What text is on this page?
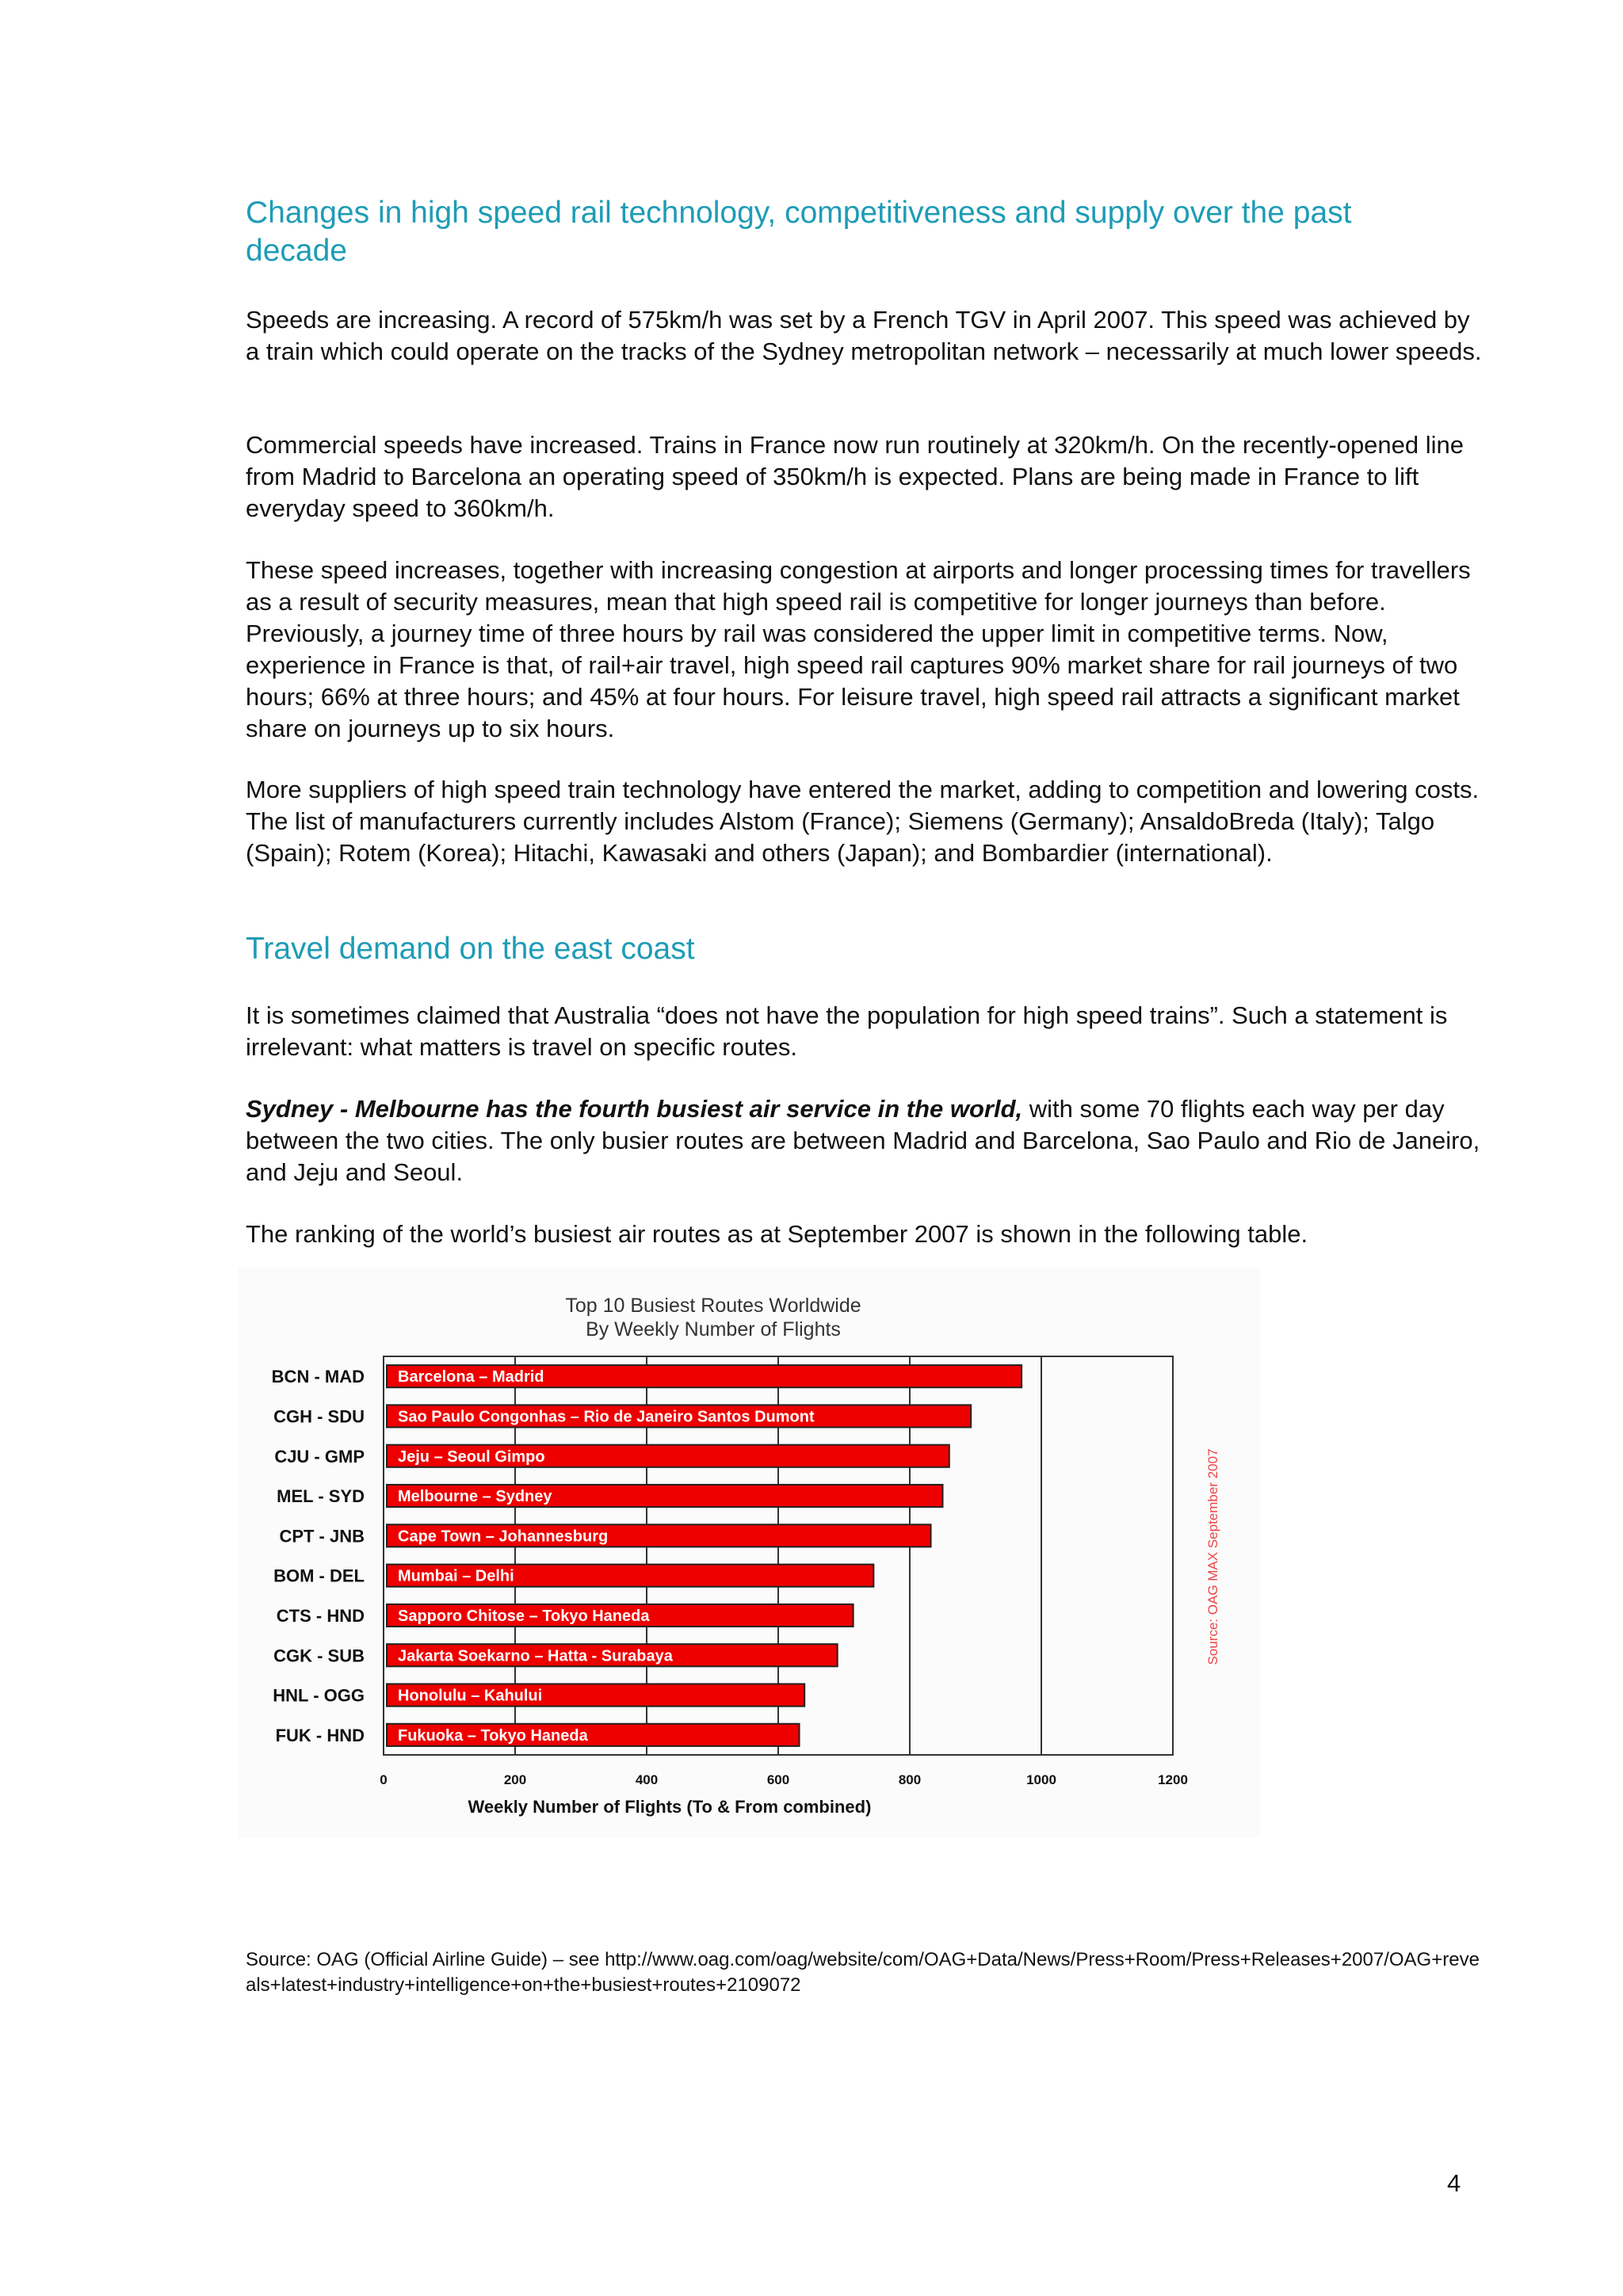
Changes in high speed rail technology, competitiveness and supply over the past decade

Speeds are increasing. A record of 575km/h was set by a French TGV in April 2007. This speed was achieved by a train which could operate on the tracks of the Sydney metropolitan network – necessarily at much lower speeds.

Commercial speeds have increased. Trains in France now run routinely at 320km/h. On the recently-opened line from Madrid to Barcelona an operating speed of 350km/h is expected. Plans are being made in France to lift everyday speed to 360km/h.

These speed increases, together with increasing congestion at airports and longer processing times for travellers as a result of security measures, mean that high speed rail is competitive for longer journeys than before. Previously, a journey time of three hours by rail was considered the upper limit in competitive terms. Now, experience in France is that, of rail+air travel, high speed rail captures 90% market share for rail journeys of two hours; 66% at three hours; and 45% at four hours. For leisure travel, high speed rail attracts a significant market share on journeys up to six hours.

More suppliers of high speed train technology have entered the market, adding to competition and lowering costs. The list of manufacturers currently includes Alstom (France); Siemens (Germany); AnsaldoBreda (Italy); Talgo (Spain); Rotem (Korea); Hitachi, Kawasaki and others (Japan); and Bombardier (international).

Travel demand on the east coast

It is sometimes claimed that Australia “does not have the population for high speed trains”. Such a statement is irrelevant: what matters is travel on specific routes.

Sydney - Melbourne has the fourth busiest air service in the world, with some 70 flights each way per day between the two cities. The only busier routes are between Madrid and Barcelona, Sao Paulo and Rio de Janeiro, and Jeju and Seoul.

The ranking of the world’s busiest air routes as at September 2007 is shown in the following table.

Top 10 Busiest Routes Worldwide
By Weekly Number of Flights
Barcelona – Madrid
Sao Paulo Congonhas – Rio de Janeiro Santos Dumont
Jeju – Seoul Gimpo
Melbourne – Sydney
Cape Town – Johannesburg
Mumbai – Delhi
Sapporo Chitose – Tokyo Haneda
Jakarta Soekarno – Hatta - Surabaya
Honolulu – Kahului
Fukuoka – Tokyo Haneda
BCN - MAD
CGH - SDU
CJU - GMP
MEL - SYD
CPT - JNB
BOM - DEL
CTS - HND
CGK - SUB
HNL - OGG
FUK - HND
0	200	400	600	800	1000	1200
Weekly Number of Flights (To & From combined)
Source: OAG MAX September 2007

Source: OAG (Official Airline Guide) – see http://www.oag.com/oag/website/com/OAG+Data/News/Press+Room/Press+Releases+2007/OAG+reveals+latest+industry+intelligence+on+the+busiest+routes+2109072

4
